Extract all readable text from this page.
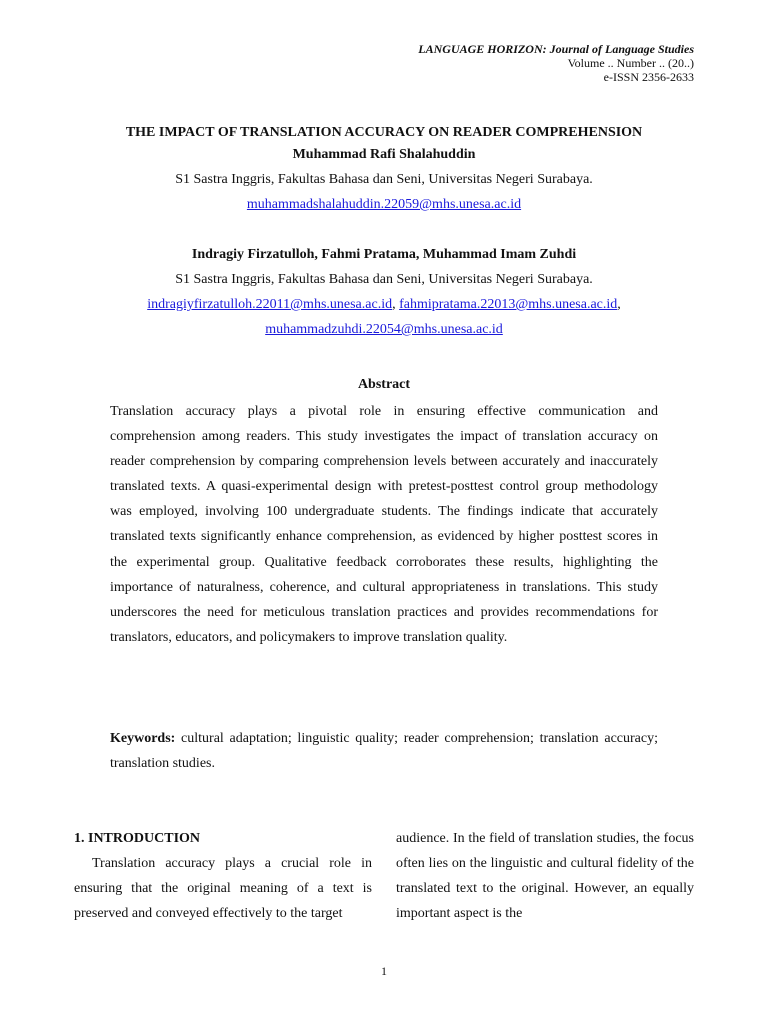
LANGUAGE HORIZON: Journal of Language Studies
Volume .. Number .. (20..)
e-ISSN 2356-2633

THE IMPACT OF TRANSLATION ACCURACY ON READER COMPREHENSION

Muhammad Rafi Shalahuddin
S1 Sastra Inggris, Fakultas Bahasa dan Seni, Universitas Negeri Surabaya.
muhammadshalahuddin.22059@mhs.unesa.ac.id
Indragiy Firzatulloh, Fahmi Pratama, Muhammad Imam Zuhdi
S1 Sastra Inggris, Fakultas Bahasa dan Seni, Universitas Negeri Surabaya.
indragiyfirzatulloh.22011@mhs.unesa.ac.id, fahmipratama.22013@mhs.unesa.ac.id,
muhammadzuhdi.22054@mhs.unesa.ac.id
Abstract

Translation accuracy plays a pivotal role in ensuring effective communication and comprehension among readers. This study investigates the impact of translation accuracy on reader comprehension by comparing comprehension levels between accurately and inaccurately translated texts. A quasi-experimental design with pretest-posttest control group methodology was employed, involving 100 undergraduate students. The findings indicate that accurately translated texts significantly enhance comprehension, as evidenced by higher posttest scores in the experimental group. Qualitative feedback corroborates these results, highlighting the importance of naturalness, coherence, and cultural appropriateness in translations. This study underscores the need for meticulous translation practices and provides recommendations for translators, educators, and policymakers to improve translation quality.

Keywords: cultural adaptation; linguistic quality; reader comprehension; translation accuracy; translation studies.

1. INTRODUCTION

Translation accuracy plays a crucial role in ensuring that the original meaning of a text is preserved and conveyed effectively to the target

audience. In the field of translation studies, the focus often lies on the linguistic and cultural fidelity of the translated text to the original. However, an equally important aspect is the

1
